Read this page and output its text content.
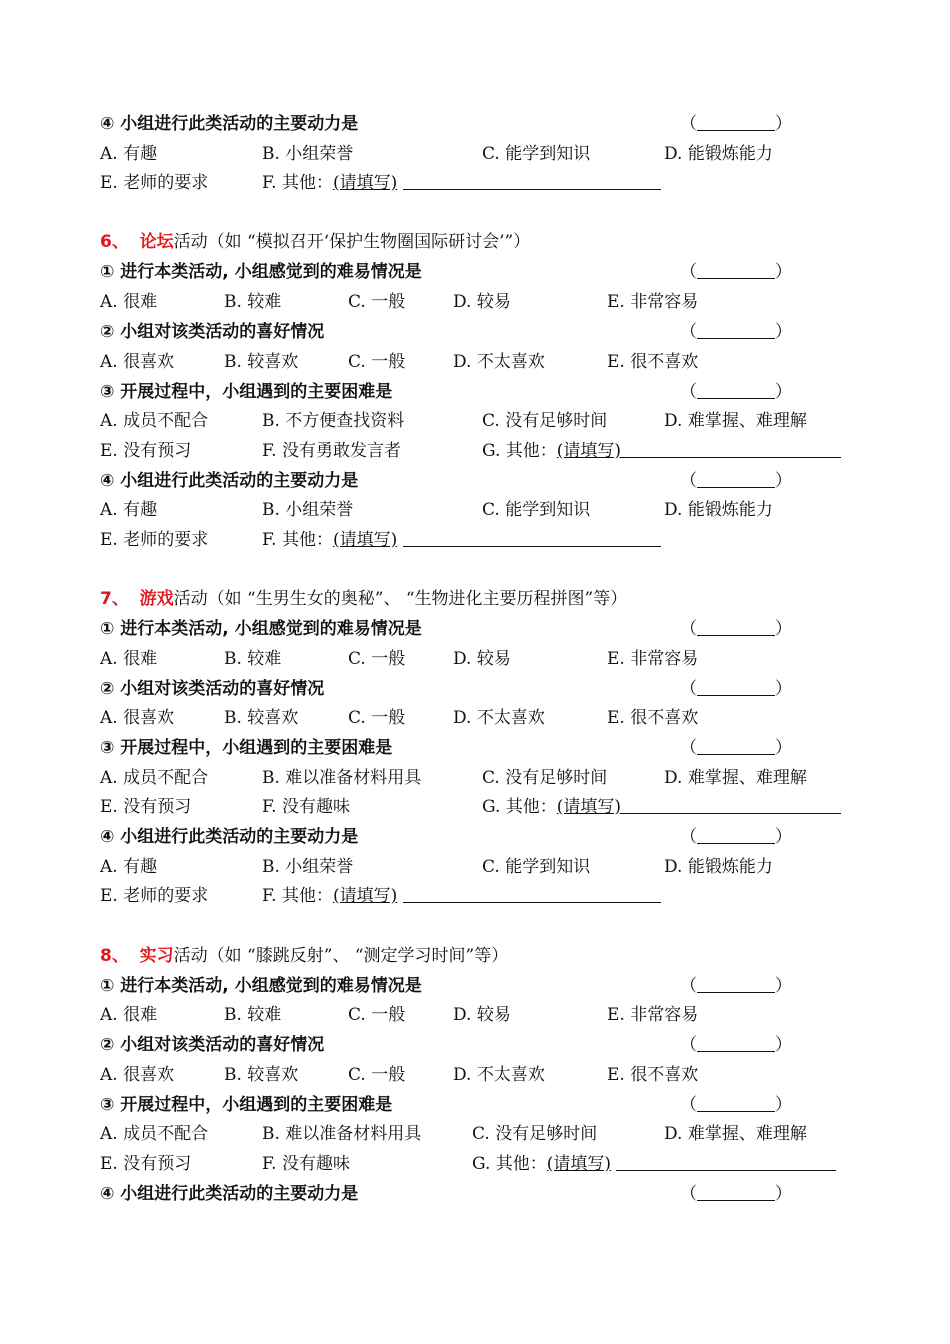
④ 小组进行此类活动的主要动力是	（	）
A. 有趣	B. 小组荣誉	C. 能学到知识	D. 能锻炼能力
E. 老师的要求	F. 其他：(请填写)
6、 论坛活动（如 “模拟召开‘保护生物圈国际研讨会’”）
① 进行本类活动, 小组感觉到的难易情况是	（	）
A. 很难	B. 较难	C. 一般	D. 较易	E. 非常容易
② 小组对该类活动的喜好情况	（	）
A. 很喜欢	B. 较喜欢	C. 一般	D. 不太喜欢	E. 很不喜欢
③ 开展过程中，小组遇到的主要困难是	（	）
A. 成员不配合	B. 不方便查找资料	C. 没有足够时间	D. 难掌握、难理解
E. 没有预习	F. 没有勇敢发言者	G. 其他：(请填写)
④ 小组进行此类活动的主要动力是	（	）
A. 有趣	B. 小组荣誉	C. 能学到知识	D. 能锻炼能力
E. 老师的要求	F. 其他：(请填写)
7、 游戏活动（如 “生男生女的奥秘”、 “生物进化主要历程拼图”等）
① 进行本类活动, 小组感觉到的难易情况是	（	）
A. 很难	B. 较难	C. 一般	D. 较易	E. 非常容易
② 小组对该类活动的喜好情况	（	）
A. 很喜欢	B. 较喜欢	C. 一般	D. 不太喜欢	E. 很不喜欢
③ 开展过程中，小组遇到的主要困难是	（	）
A. 成员不配合	B. 难以准备材料用具	C. 没有足够时间	D. 难掌握、难理解
E. 没有预习	F. 没有趣味	G. 其他：(请填写)
④ 小组进行此类活动的主要动力是	（	）
A. 有趣	B. 小组荣誉	C. 能学到知识	D. 能锻炼能力
E. 老师的要求	F. 其他：(请填写)
8、 实习活动（如 “膝跳反射”、 “测定学习时间”等）
① 进行本类活动, 小组感觉到的难易情况是	（	）
A. 很难	B. 较难	C. 一般	D. 较易	E. 非常容易
② 小组对该类活动的喜好情况	（	）
A. 很喜欢	B. 较喜欢	C. 一般	D. 不太喜欢	E. 很不喜欢
③ 开展过程中，小组遇到的主要困难是	（	）
A. 成员不配合	B. 难以准备材料用具	C. 没有足够时间	D. 难掌握、难理解
E. 没有预习	F. 没有趣味	G. 其他：(请填写)
④ 小组进行此类活动的主要动力是	（	）
